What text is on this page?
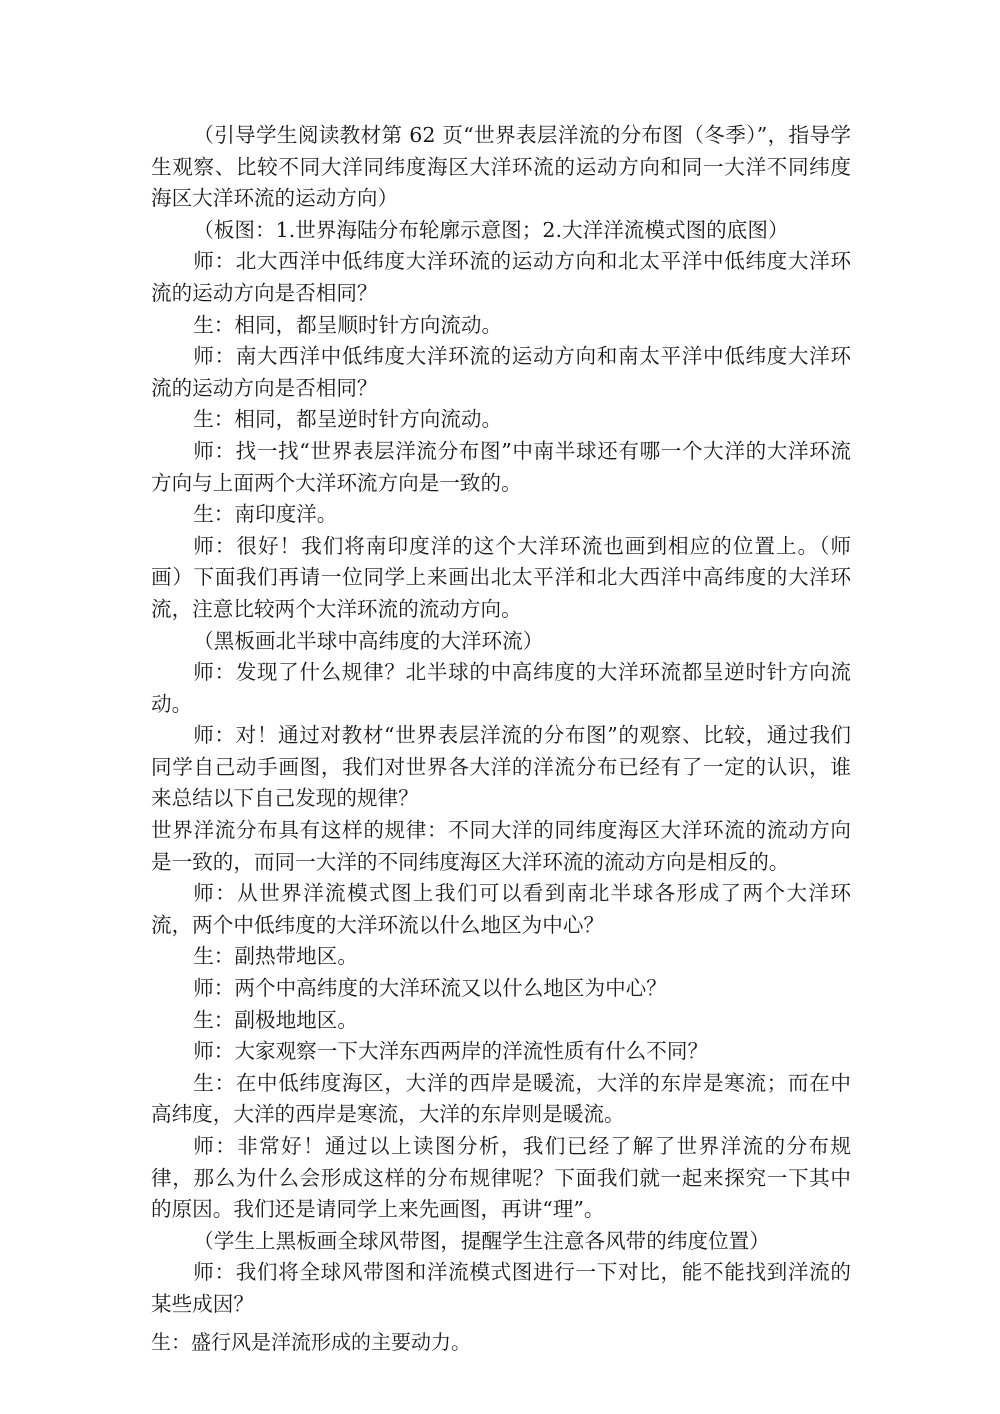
（引导学生阅读教材第 62 页“世界表层洋流的分布图（冬季）”，指导学生观察、比较不同大洋同纬度海区大洋环流的运动方向和同一大洋不同纬度海区大洋环流的运动方向）

（板图：1.世界海陆分布轮廓示意图；2.大洋洋流模式图的底图）

师：北大西洋中低纬度大洋环流的运动方向和北太平洋中低纬度大洋环流的运动方向是否相同？

生：相同，都呈顺时针方向流动。

师：南大西洋中低纬度大洋环流的运动方向和南太平洋中低纬度大洋环流的运动方向是否相同？

生：相同，都呈逆时针方向流动。

师：找一找“世界表层洋流分布图”中南半球还有哪一个大洋的大洋环流方向与上面两个大洋环流方向是一致的。

生：南印度洋。

师：很好！我们将南印度洋的这个大洋环流也画到相应的位置上。（师画）下面我们再请一位同学上来画出北太平洋和北大西洋中高纬度的大洋环流，注意比较两个大洋环流的流动方向。

（黑板画北半球中高纬度的大洋环流）

师：发现了什么规律？北半球的中高纬度的大洋环流都呈逆时针方向流动。

师：对！通过对教材“世界表层洋流的分布图”的观察、比较，通过我们同学自己动手画图，我们对世界各大洋的洋流分布已经有了一定的认识，谁来总结以下自己发现的规律？

世界洋流分布具有这样的规律：不同大洋的同纬度海区大洋环流的流动方向是一致的，而同一大洋的不同纬度海区大洋环流的流动方向是相反的。

师：从世界洋流模式图上我们可以看到南北半球各形成了两个大洋环流，两个中低纬度的大洋环流以什么地区为中心？

生：副热带地区。

师：两个中高纬度的大洋环流又以什么地区为中心？

生：副极地地区。

师：大家观察一下大洋东西两岸的洋流性质有什么不同？

生：在中低纬度海区，大洋的西岸是暖流，大洋的东岸是寒流；而在中高纬度，大洋的西岸是寒流，大洋的东岸则是暖流。

师：非常好！通过以上读图分析，我们已经了解了世界洋流的分布规律，那么为什么会形成这样的分布规律呢？下面我们就一起来探究一下其中的原因。我们还是请同学上来先画图，再讲“理”。

（学生上黑板画全球风带图，提醒学生注意各风带的纬度位置）

师：我们将全球风带图和洋流模式图进行一下对比，能不能找到洋流的某些成因？

生：盛行风是洋流形成的主要动力。
